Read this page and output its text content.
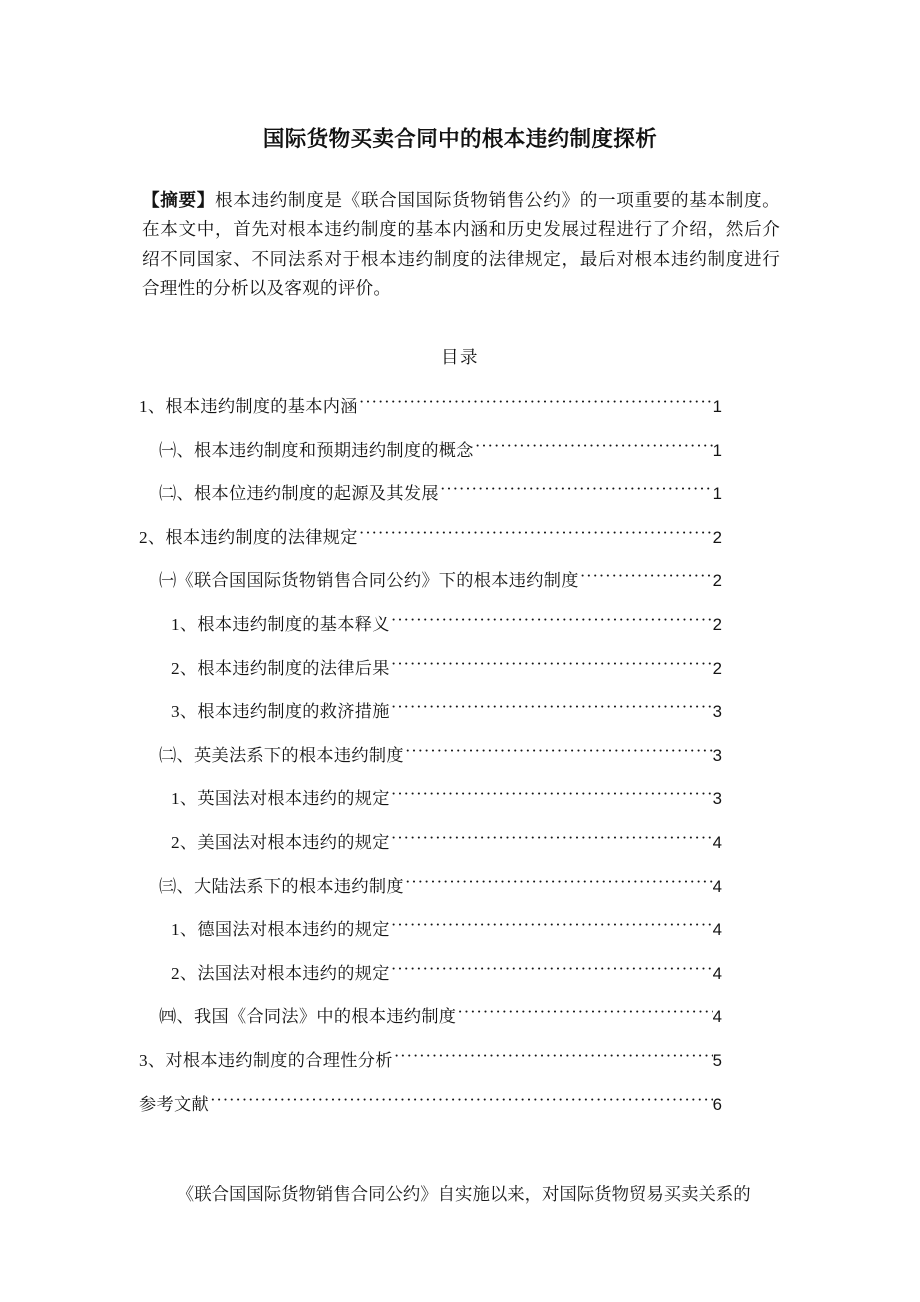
国际货物买卖合同中的根本违约制度探析

【摘要】根本违约制度是《联合国国际货物销售公约》的一项重要的基本制度。在本文中，首先对根本违约制度的基本内涵和历史发展过程进行了介绍，然后介绍不同国家、不同法系对于根本违约制度的法律规定，最后对根本违约制度进行合理性的分析以及客观的评价。

目录
1、根本违约制度的基本内涵 ·····	1
㈠、根本违约制度和预期违约制度的概念 ·····	1
㈡、根本位违约制度的起源及其发展 ·····	1
2、根本违约制度的法律规定 ·····	2
㈠《联合国国际货物销售合同公约》下的根本违约制度 ·····	2
1、根本违约制度的基本释义 ·····	2
2、根本违约制度的法律后果 ·····	2
3、根本违约制度的救济措施 ·····	3
㈡、英美法系下的根本违约制度 ·····	3
1、英国法对根本违约的规定 ·····	3
2、美国法对根本违约的规定 ·····	4
㈢、大陆法系下的根本违约制度 ·····	4
1、德国法对根本违约的规定 ·····	4
2、法国法对根本违约的规定 ·····	4
㈣、我国《合同法》中的根本违约制度 ·····	4
3、对根本违约制度的合理性分析 ·····	5
参考文献 ·····	6

《联合国国际货物销售合同公约》自实施以来，对国际货物贸易买卖关系的
